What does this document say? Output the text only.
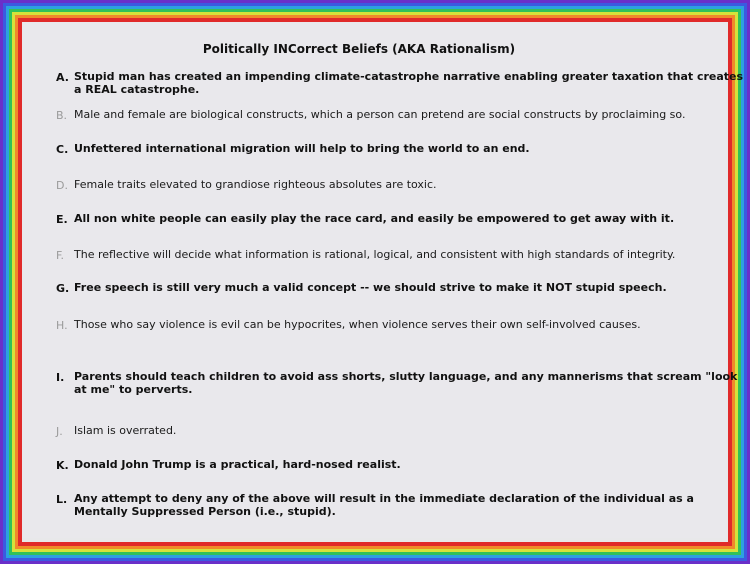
Politically INCorrect Beliefs (AKA Rationalism)
A. Stupid man has created an impending climate-catastrophe narrative enabling greater taxation that creates a REAL catastrophe.
B. Male and female are biological constructs, which a person can pretend are social constructs by proclaiming so.
C. Unfettered international migration will help to bring the world to an end.
D. Female traits elevated to grandiose righteous absolutes are toxic.
E. All non white people can easily play the race card, and easily be empowered to get away with it.
F. The reflective will decide what information is rational, logical, and consistent with high standards of integrity.
G. Free speech is still very much a valid concept -- we should strive to make it NOT stupid speech.
H. Those who say violence is evil can be hypocrites, when violence serves their own self-involved causes.
I. Parents should teach children to avoid ass shorts, slutty language, and any mannerisms that scream "look at me" to perverts.
J.	Islam is overrated.
K. Donald John Trump is a practical, hard-nosed realist.
L. Any attempt to deny any of the above will result in the immediate declaration of the individual as a Mentally Suppressed Person (i.e., stupid).
